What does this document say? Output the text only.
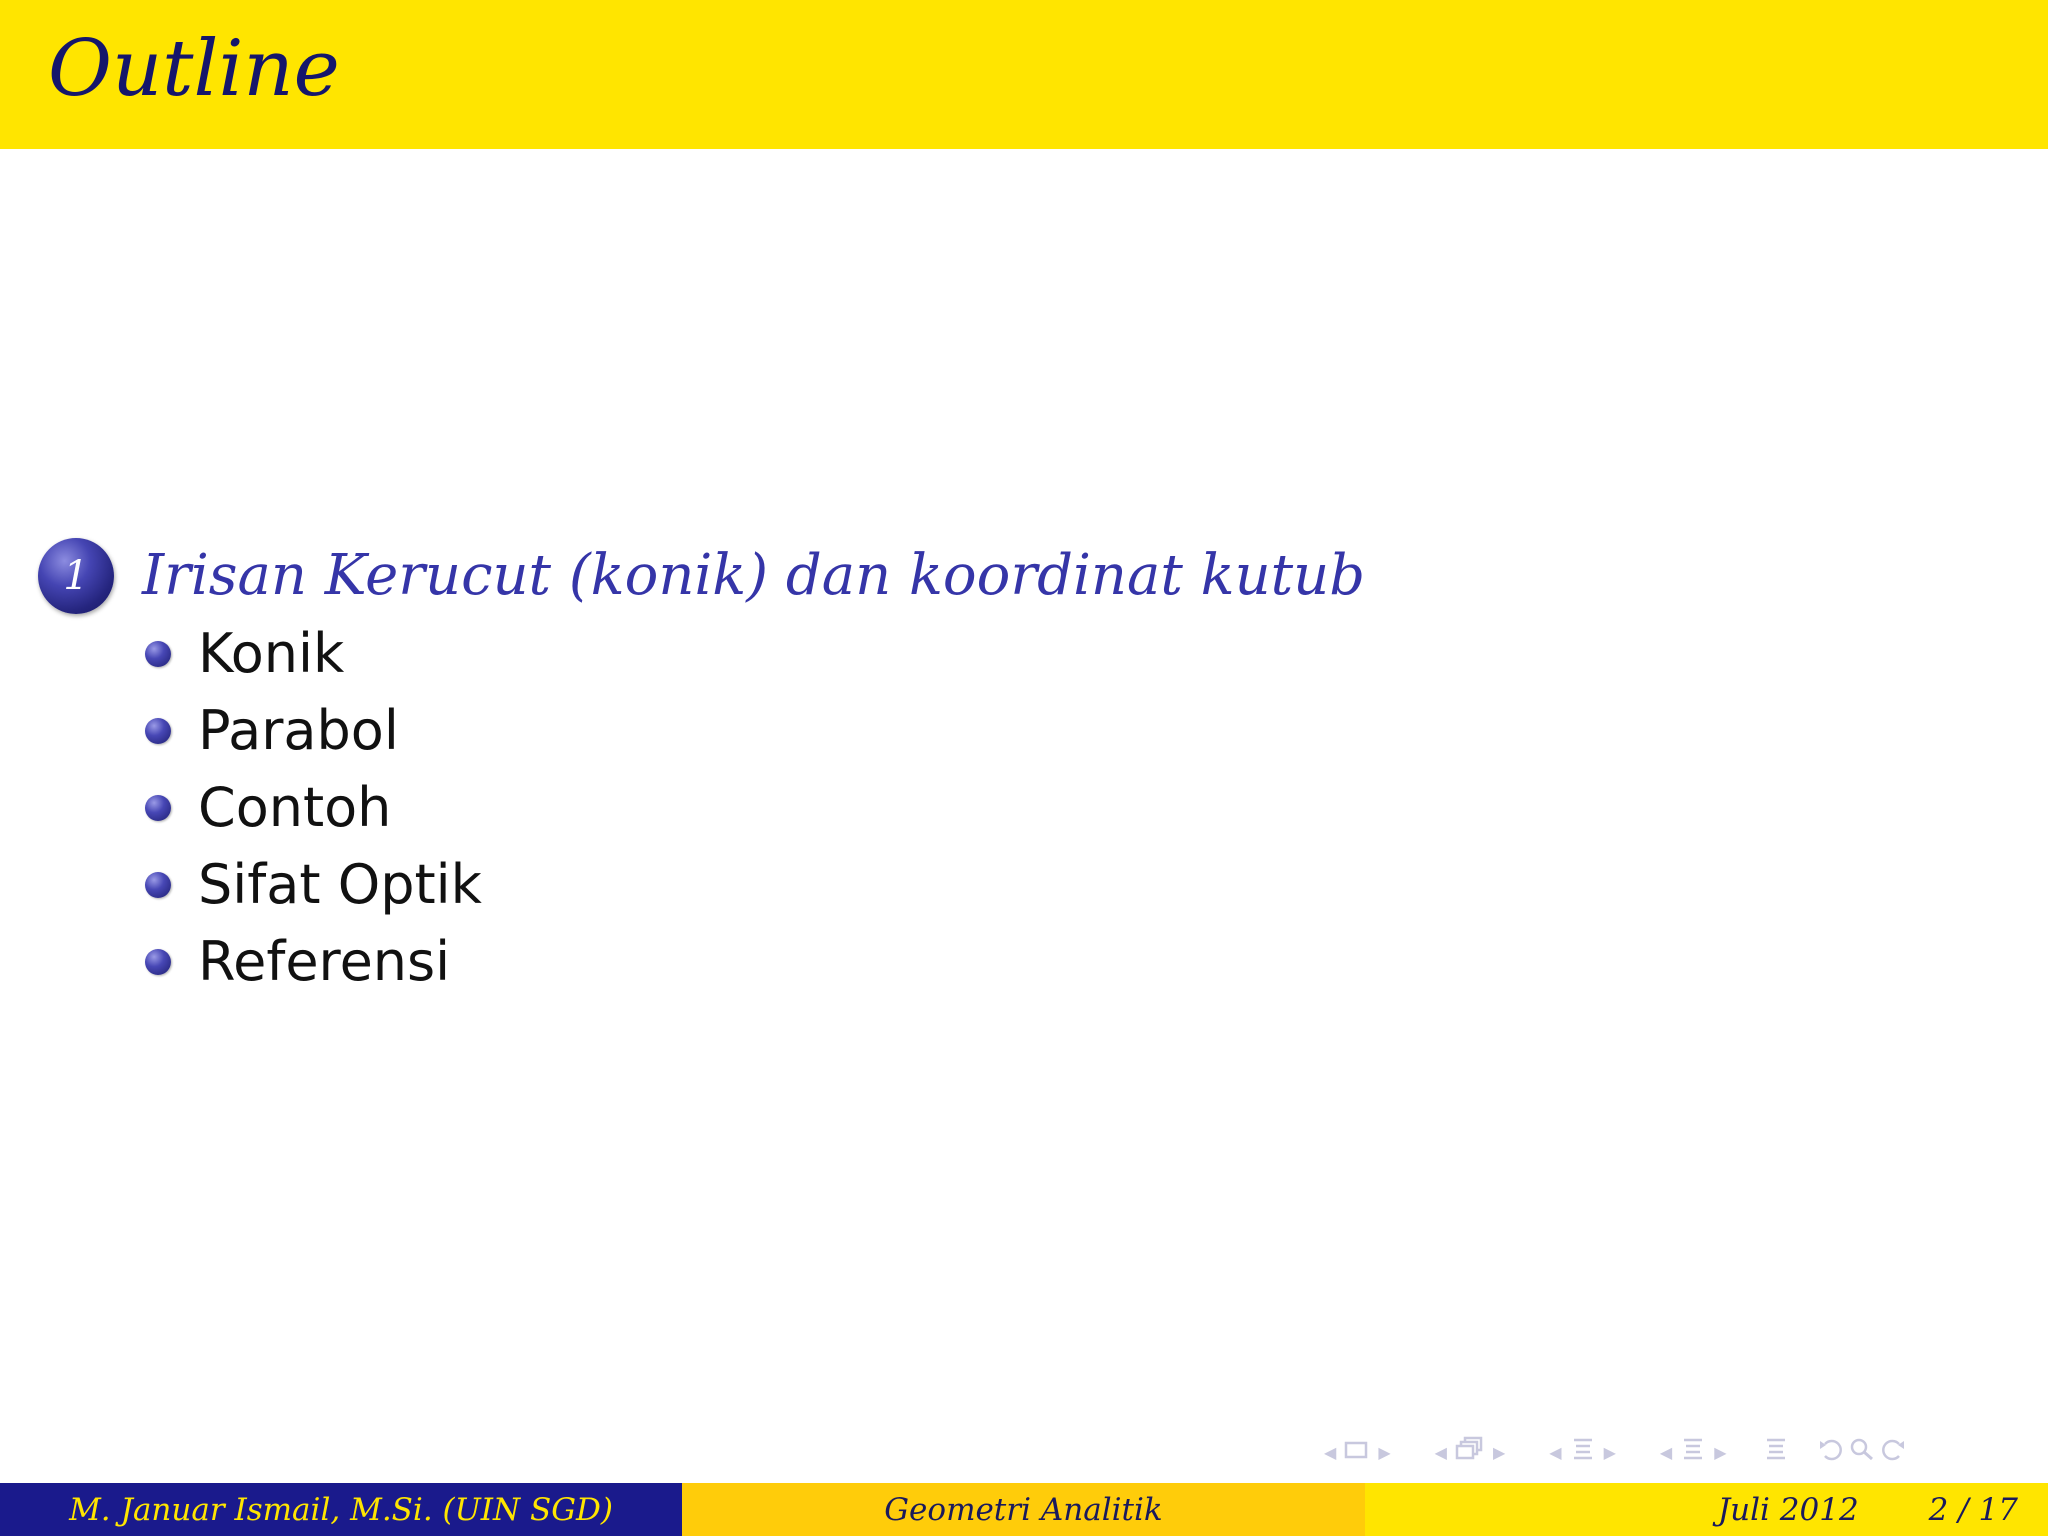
Outline
1 Irisan Kerucut (konik) dan koordinat kutub
Konik
Parabol
Contoh
Sifat Optik
Referensi
◀	▶	◀	▶	◀	▶	◀	▶
M. Januar Ismail, M.Si. (UIN SGD)	Geometri Analitik	Juli 2012 2 / 17
